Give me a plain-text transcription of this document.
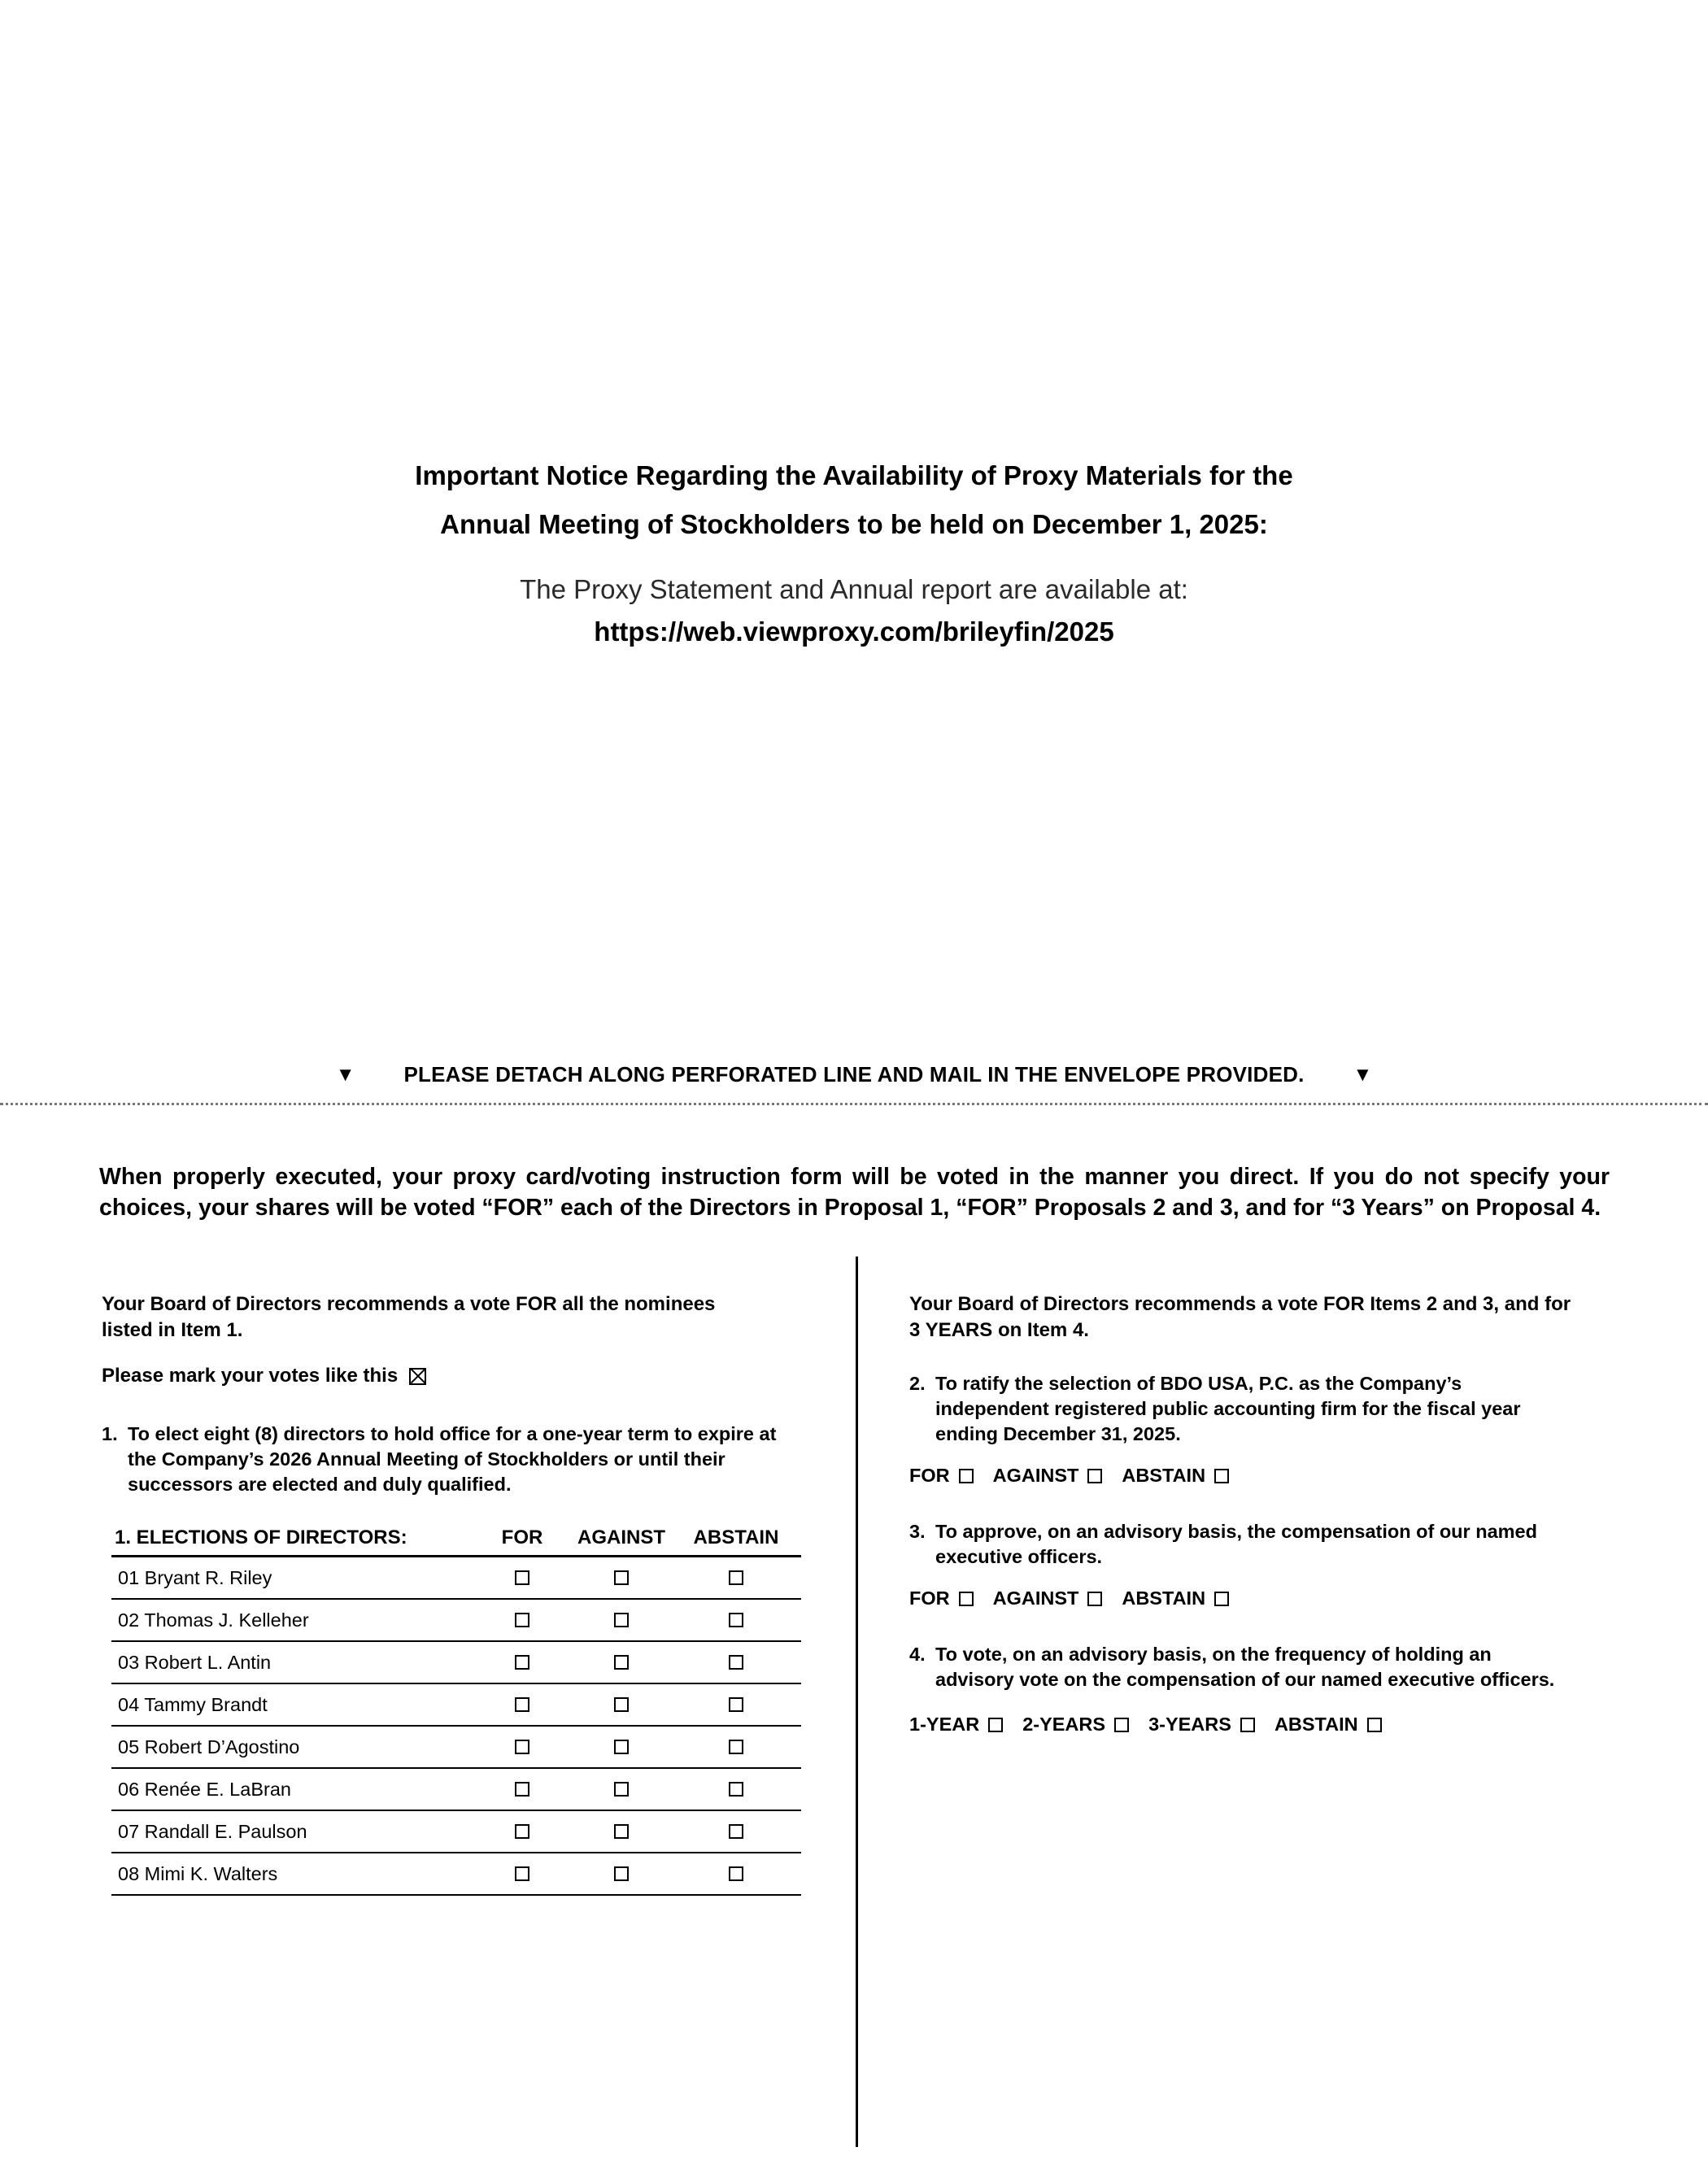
Important Notice Regarding the Availability of Proxy Materials for the
Annual Meeting of Stockholders to be held on December 1, 2025:
The Proxy Statement and Annual report are available at:
https://web.viewproxy.com/brileyfin/2025
▼ PLEASE DETACH ALONG PERFORATED LINE AND MAIL IN THE ENVELOPE PROVIDED.	▼
When properly executed, your proxy card/voting instruction form will be voted in the manner you direct. If you do not specify your choices, your shares will be voted “FOR” each of the Directors in Proposal 1, “FOR” Proposals 2 and 3, and for “3 Years” on Proposal 4.
Your Board of Directors recommends a vote FOR all the nominees listed in Item 1.
Please mark your votes like this
1. To elect eight (8) directors to hold office for a one-year term to expire at the Company’s 2026 Annual Meeting of Stockholders or until their successors are elected and duly qualified.
1. ELECTIONS OF DIRECTORS:	FOR	AGAINST	ABSTAIN
01 Bryant R. Riley
02 Thomas J. Kelleher
03 Robert L. Antin
04 Tammy Brandt
05 Robert D’Agostino
06 Renée E. LaBran
07 Randall E. Paulson
08 Mimi K. Walters
Your Board of Directors recommends a vote FOR Items 2 and 3, and for 3 YEARS on Item 4.
2. To ratify the selection of BDO USA, P.C. as the Company’s independent registered public accounting firm for the fiscal year ending December 31, 2025.
FOR AGAINST ABSTAIN
3. To approve, on an advisory basis, the compensation of our named executive officers.
FOR AGAINST ABSTAIN
4. To vote, on an advisory basis, on the frequency of holding an advisory vote on the compensation of our named executive officers.
1-YEAR 2-YEARS 3-YEARS ABSTAIN
